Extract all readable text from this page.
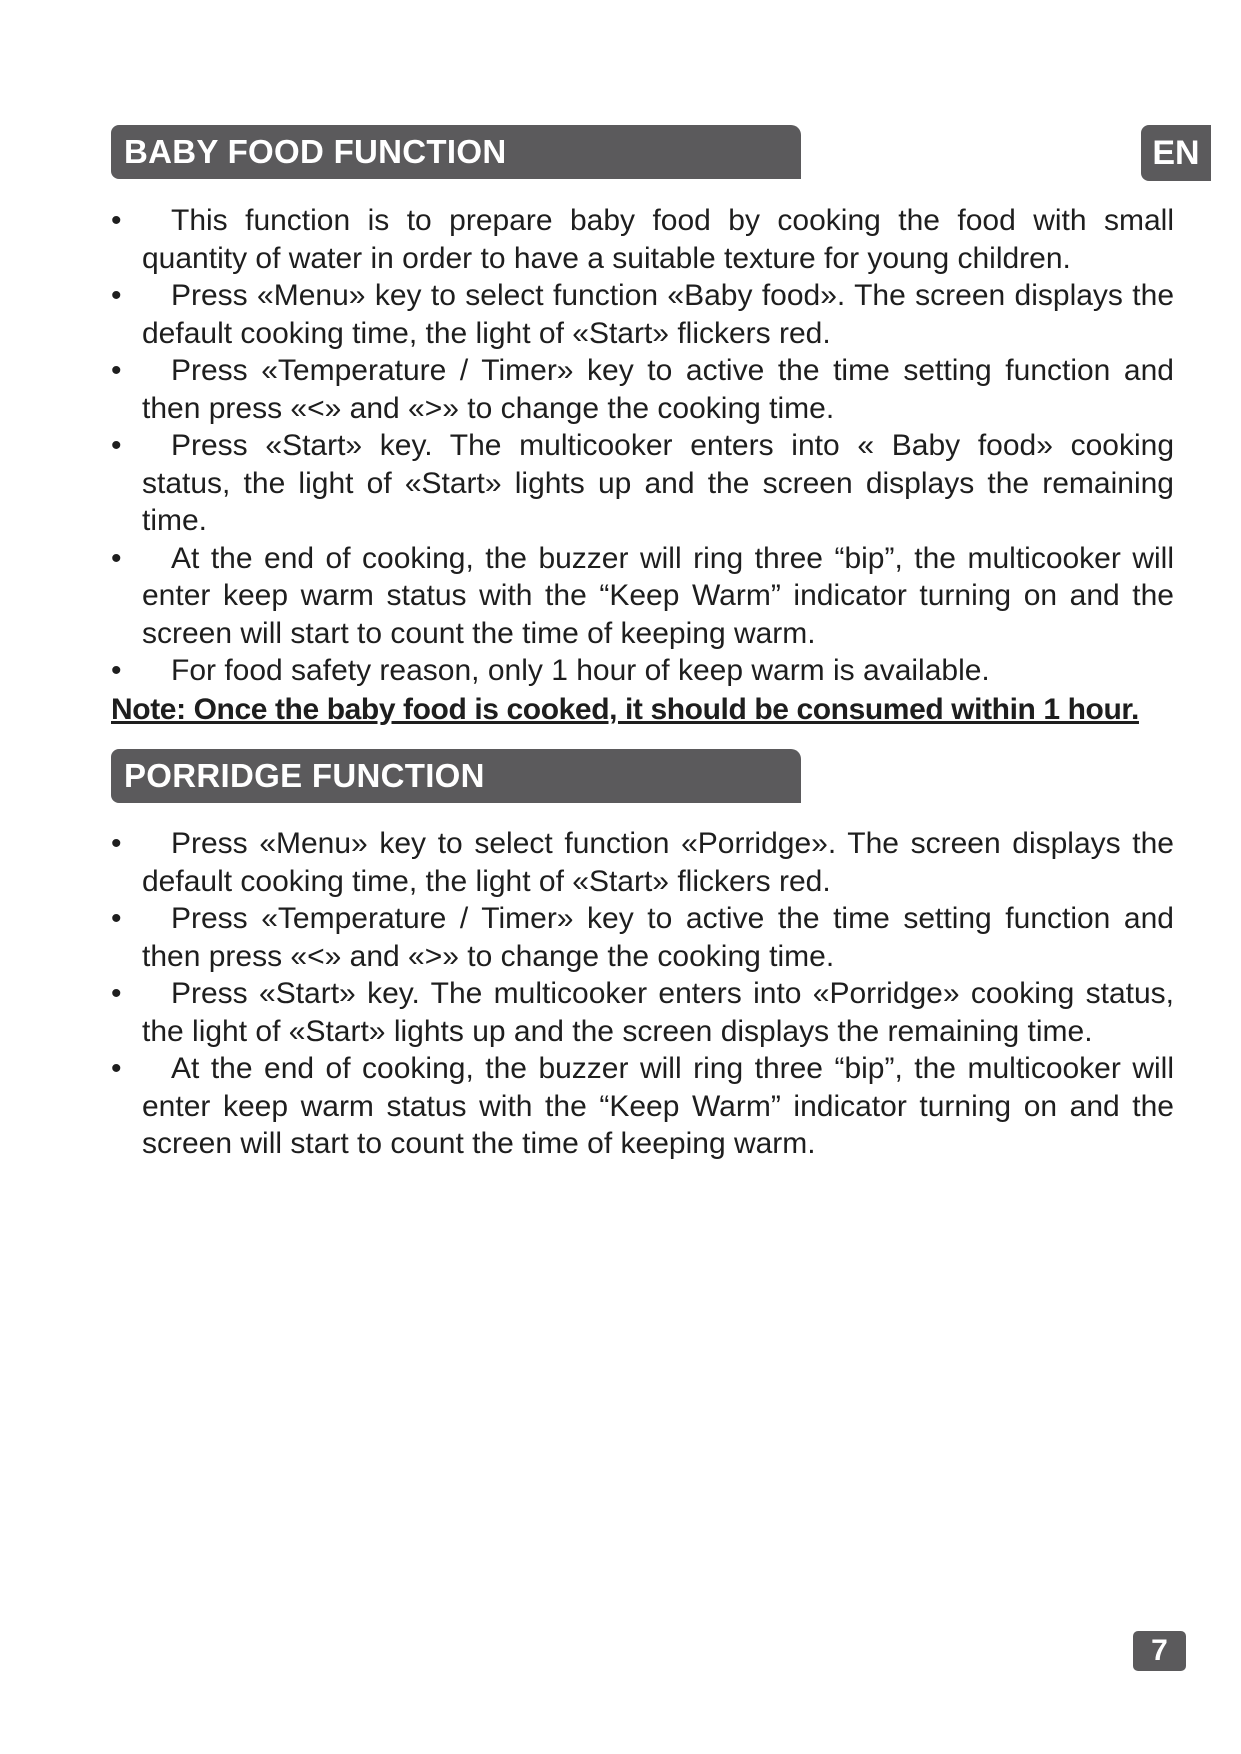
BABY FOOD FUNCTION	EN
•	This function is to prepare baby food by cooking the food with small quantity of water in order to have a suitable texture for young children.
•	Press «Menu» key to select function «Baby food». The screen displays the default cooking time, the light of «Start» flickers red.
•	Press «Temperature / Timer» key to active the time setting function and then press «<» and «>» to change the cooking time.
•	Press «Start» key. The multicooker enters into « Baby food» cooking status, the light of «Start» lights up and the screen displays the remaining time.
•	At the end of cooking, the buzzer will ring three “bip”, the multicooker will enter keep warm status with the “Keep Warm” indicator turning on and the screen will start to count the time of keeping warm.
•	For food safety reason, only 1 hour of keep warm is available.
Note: Once the baby food is cooked, it should be consumed within 1 hour.
PORRIDGE FUNCTION
•	Press «Menu» key to select function «Porridge». The screen displays the default cooking time, the light of «Start» flickers red.
•	Press «Temperature / Timer» key to active the time setting function and then press «<» and «>» to change the cooking time.
•	Press «Start» key. The multicooker enters into «Porridge» cooking status, the light of «Start» lights up and the screen displays the remaining time.
•	At the end of cooking, the buzzer will ring three “bip”, the multicooker will enter keep warm status with the “Keep Warm” indicator turning on and the screen will start to count the time of keeping warm.
7
